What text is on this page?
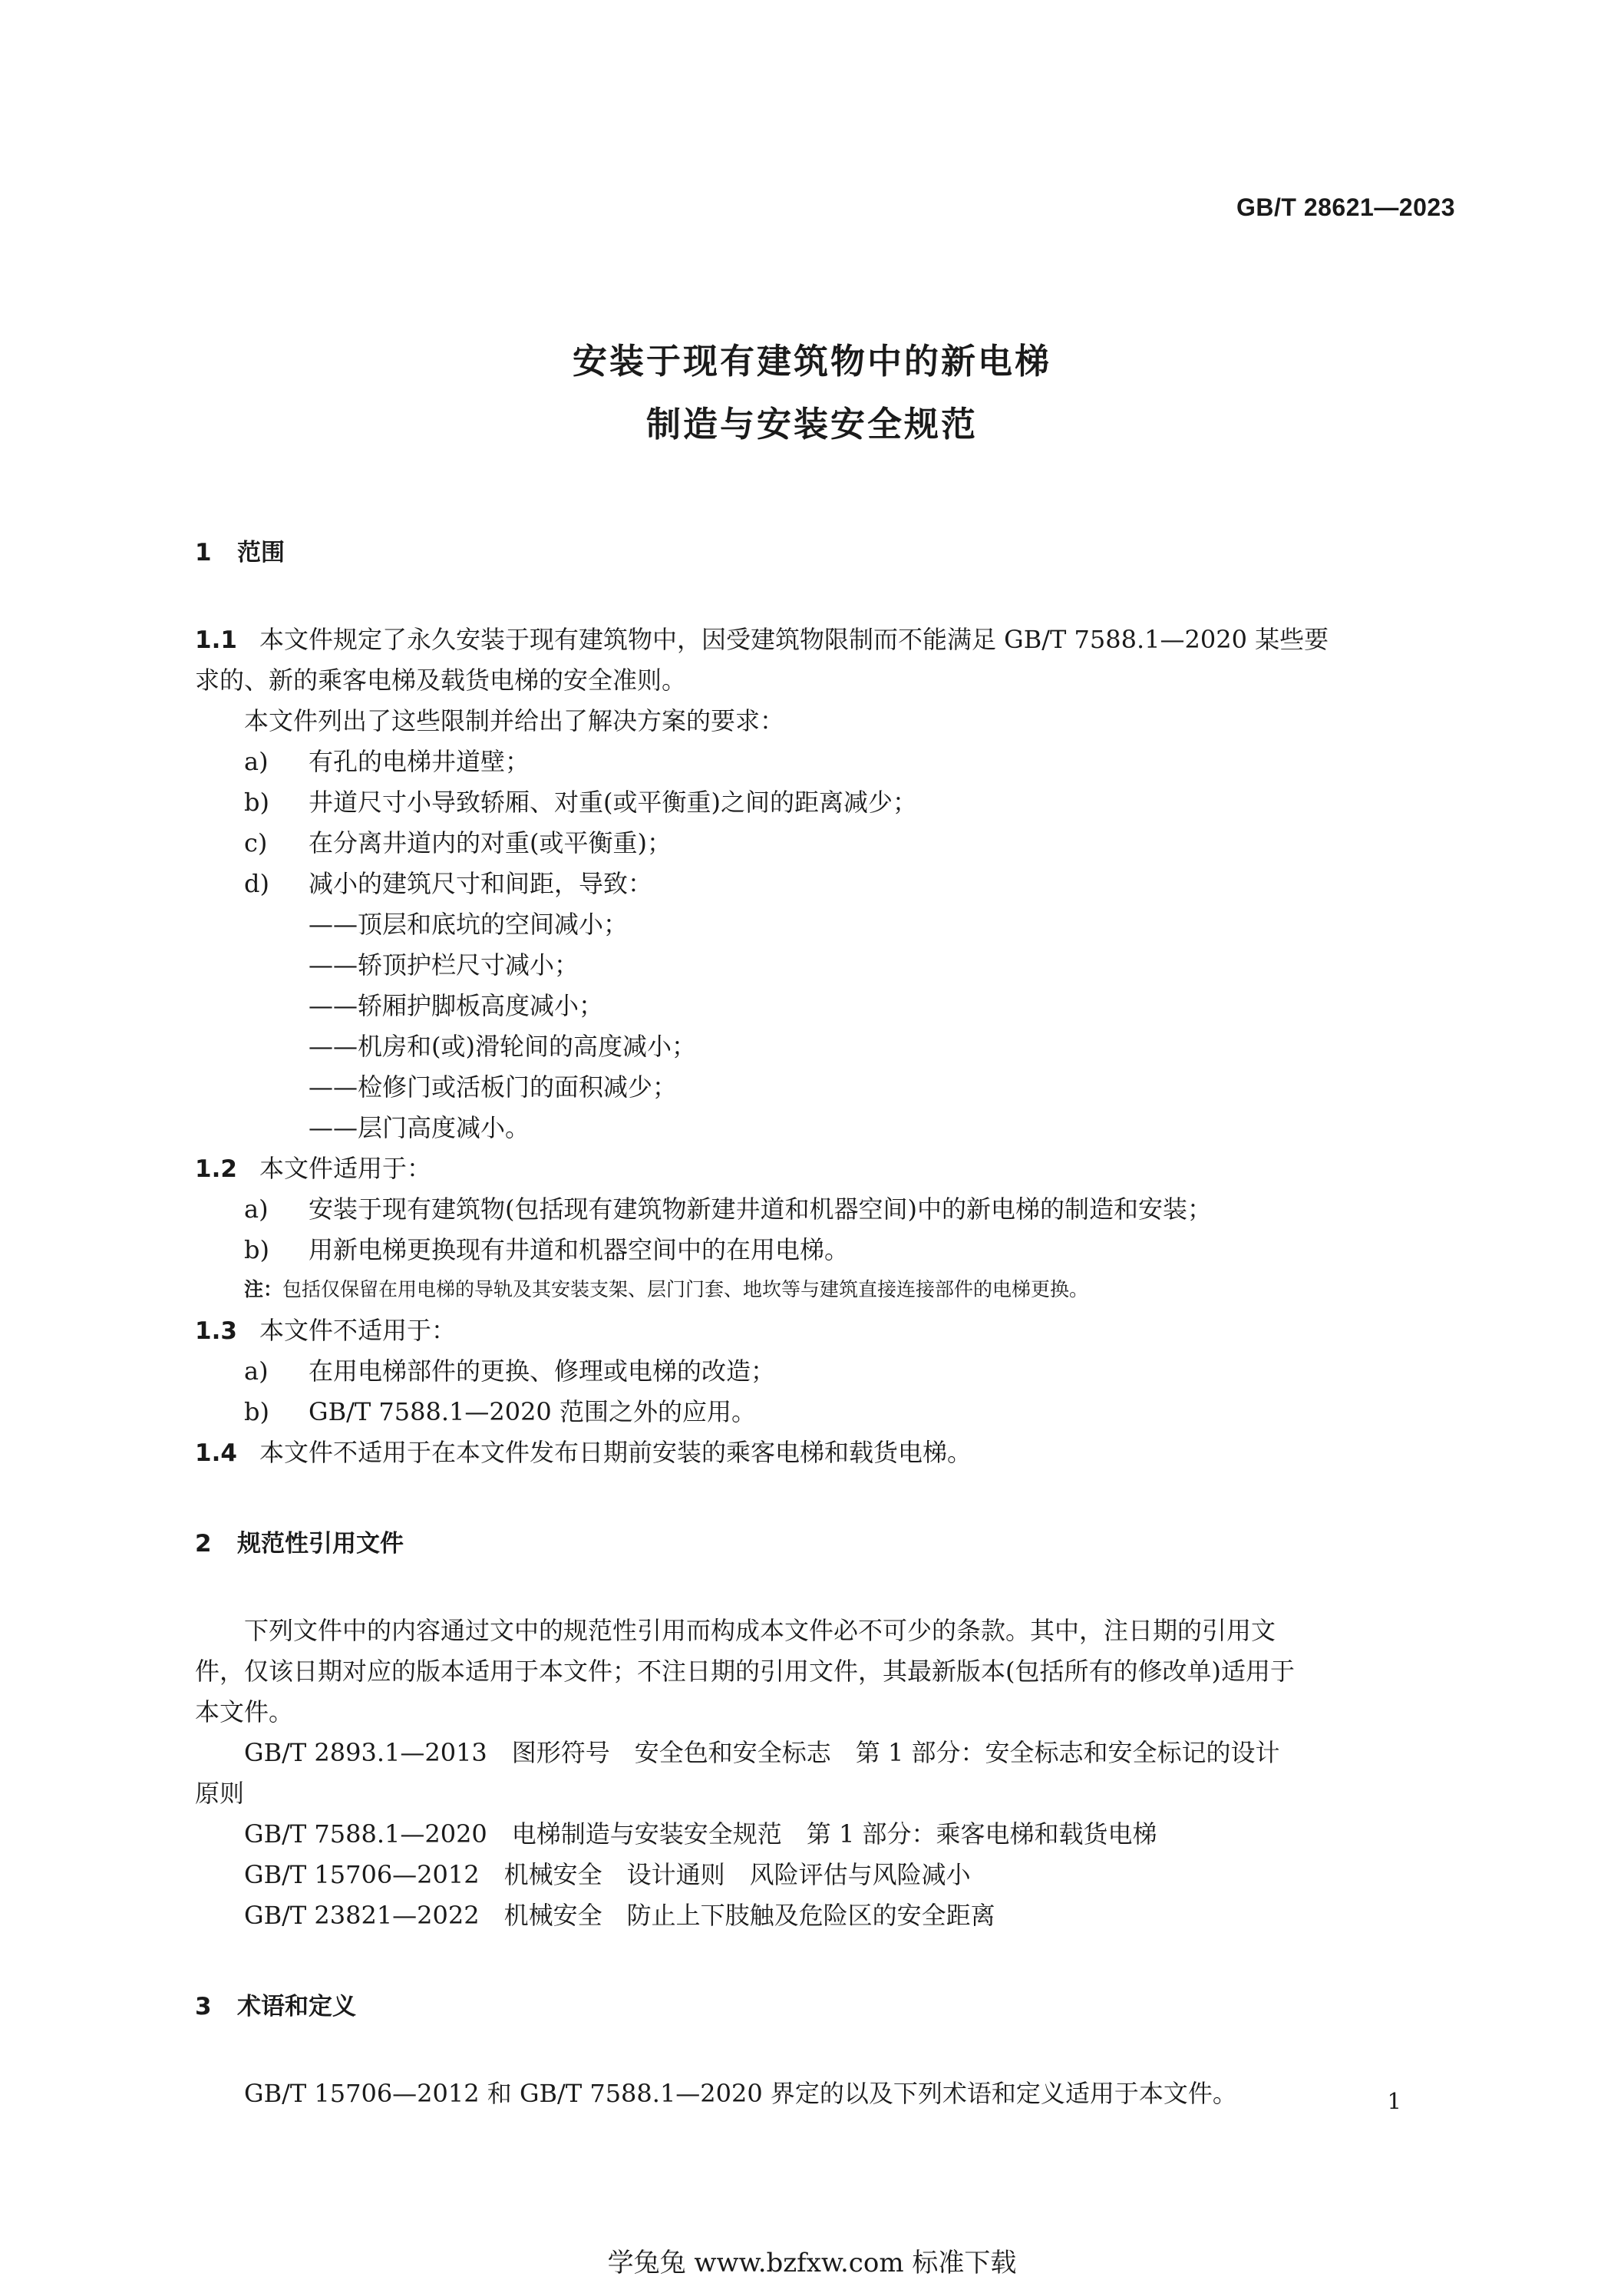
GB/T 28621—2023
安装于现有建筑物中的新电梯
制造与安装安全规范
1 范围
1.1 本文件规定了永久安装于现有建筑物中，因受建筑物限制而不能满足 GB/T 7588.1—2020 某些要
求的、新的乘客电梯及载货电梯的安全准则。
本文件列出了这些限制并给出了解决方案的要求：
a) 有孔的电梯井道壁；
b) 井道尺寸小导致轿厢、对重(或平衡重)之间的距离减少；
c) 在分离井道内的对重(或平衡重)；
d) 减小的建筑尺寸和间距，导致：
——顶层和底坑的空间减小；
——轿顶护栏尺寸减小；
——轿厢护脚板高度减小；
——机房和(或)滑轮间的高度减小；
——检修门或活板门的面积减少；
——层门高度减小。
1.2 本文件适用于：
a) 安装于现有建筑物(包括现有建筑物新建井道和机器空间)中的新电梯的制造和安装；
b) 用新电梯更换现有井道和机器空间中的在用电梯。
注：包括仅保留在用电梯的导轨及其安装支架、层门门套、地坎等与建筑直接连接部件的电梯更换。
1.3 本文件不适用于：
a) 在用电梯部件的更换、修理或电梯的改造；
b) GB/T 7588.1—2020 范围之外的应用。
1.4 本文件不适用于在本文件发布日期前安装的乘客电梯和载货电梯。
2 规范性引用文件
下列文件中的内容通过文中的规范性引用而构成本文件必不可少的条款。其中，注日期的引用文
件，仅该日期对应的版本适用于本文件；不注日期的引用文件，其最新版本(包括所有的修改单)适用于
本文件。
GB/T 2893.1—2013　图形符号　安全色和安全标志　第 1 部分：安全标志和安全标记的设计
原则
GB/T 7588.1—2020　电梯制造与安装安全规范　第 1 部分：乘客电梯和载货电梯
GB/T 15706—2012　机械安全　设计通则　风险评估与风险减小
GB/T 23821—2022　机械安全　防止上下肢触及危险区的安全距离
3 术语和定义
GB/T 15706—2012 和 GB/T 7588.1—2020 界定的以及下列术语和定义适用于本文件。	1
学兔兔 www.bzfxw.com 标准下载
